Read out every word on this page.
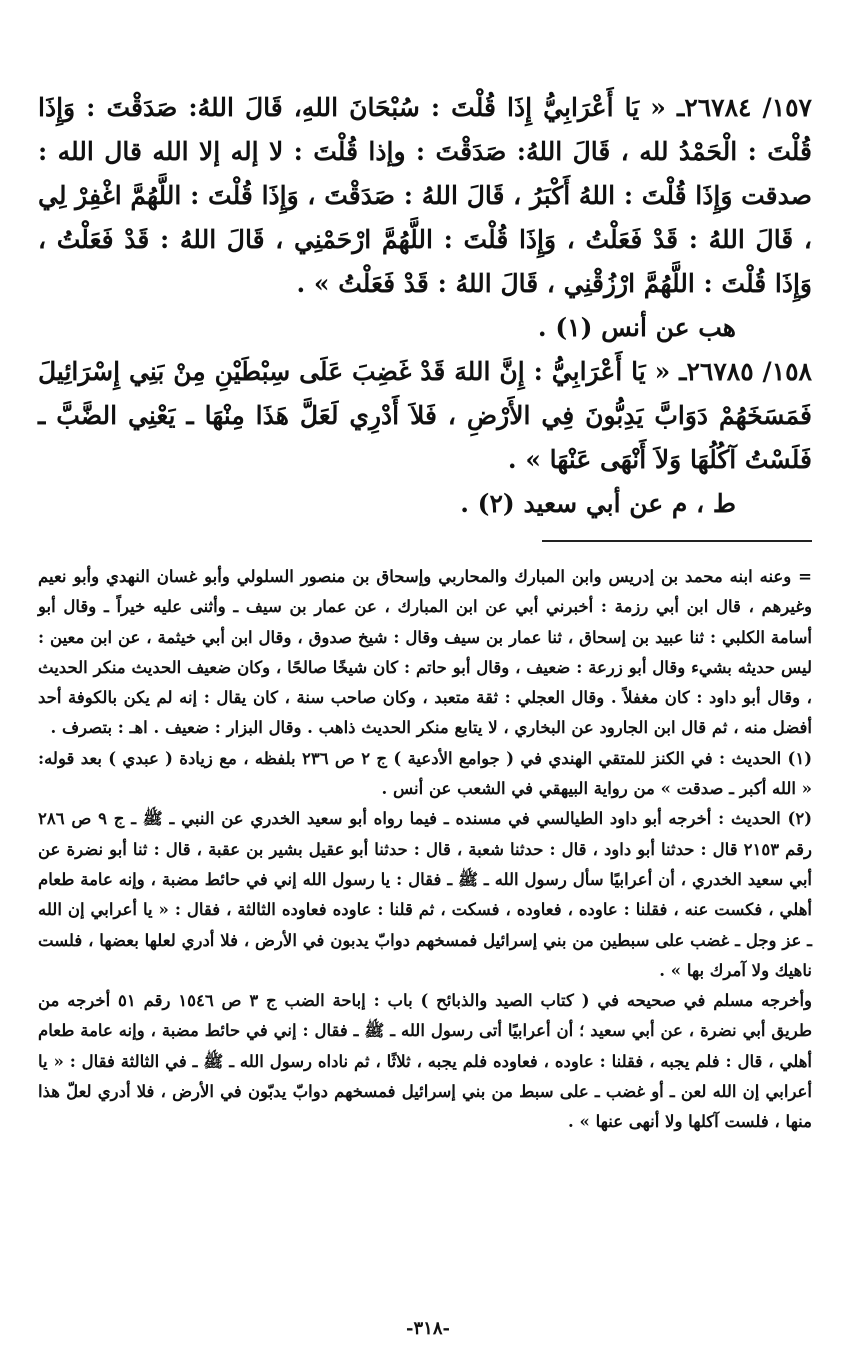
١٥٧/ ٢٦٧٨٤ـ « يَا أَعْرَابِيُّ إِذَا قُلْتَ : سُبْحَانَ اللهِ، قَالَ اللهُ: صَدَقْتَ : وَإِذَا قُلْتَ : الْحَمْدُ لله ، قَالَ اللهُ: صَدَقْتَ : وإذا قُلْتَ : لا إله إلا الله قال الله : صدقت وَإِذَا قُلْتَ : اللهُ أَكْبَرُ ، قَالَ اللهُ : صَدَقْتَ ، وَإِذَا قُلْتَ : اللَّهُمَّ اغْفِرْ لِي ، قَالَ اللهُ : قَدْ فَعَلْتُ ، وَإِذَا قُلْتَ : اللَّهُمَّ ارْحَمْنِي ، قَالَ اللهُ : قَدْ فَعَلْتُ ، وَإِذَا قُلْتَ : اللَّهُمَّ ارْزُقْنِي ، قَالَ اللهُ : قَدْ فَعَلْتُ » .

هب عن أنس (١) .

١٥٨/ ٢٦٧٨٥ـ « يَا أَعْرَابِيُّ : إِنَّ اللهَ قَدْ غَضِبَ عَلَى سِبْطَيْنِ مِنْ بَنِي إِسْرَائِيلَ فَمَسَخَهُمْ دَوَابَّ يَدِبُّونَ فِي الأَرْضِ ، فَلاَ أَدْرِي لَعَلَّ هَذَا مِنْهَا ـ يَعْنِي الضَّبَّ ـ فَلَسْتُ آكُلُهَا وَلاَ أَنْهَى عَنْهَا » .

ط ، م عن أبي سعيد (٢) .

= وعنه ابنه محمد بن إدريس وابن المبارك والمحاربي وإسحاق بن منصور السلولي وأبو غسان النهدي وأبو نعيم وغيرهم ، قال ابن أبي رزمة : أخبرني أبي عن ابن المبارك ، عن عمار بن سيف ـ وأثنى عليه خيراً ـ وقال أبو أسامة الكلبي : ثنا عبيد بن إسحاق ، ثنا عمار بن سيف وقال : شيخ صدوق ، وقال ابن أبي خيثمة ، عن ابن معين : ليس حديثه بشيء وقال أبو زرعة : ضعيف ، وقال أبو حاتم : كان شيخًا صالحًا ، وكان ضعيف الحديث منكر الحديث ، وقال أبو داود : كان مغفلاً . وقال العجلي : ثقة متعبد ، وكان صاحب سنة ، كان يقال : إنه لم يكن بالكوفة أحد أفضل منه ، ثم قال ابن الجارود عن البخاري ، لا يتابع منكر الحديث ذاهب . وقال البزار : ضعيف . اهـ : بتصرف .

(١) الحديث : في الكنز للمتقي الهندي في ( جوامع الأدعية ) ج ٢ ص ٢٣٦ بلفظه ، مع زيادة ( عبدي ) بعد قوله: « الله أكبر ـ صدقت » من رواية البيهقي في الشعب عن أنس .

(٢) الحديث : أخرجه أبو داود الطيالسي في مسنده ـ فيما رواه أبو سعيد الخدري عن النبي ـ ﷺ ـ ج ٩ ص ٢٨٦ رقم ٢١٥٣ قال : حدثنا أبو داود ، قال : حدثنا شعبة ، قال : حدثنا أبو عقيل بشير بن عقبة ، قال : ثنا أبو نضرة عن أبي سعيد الخدري ، أن أعرابيًا سأل رسول الله ـ ﷺ ـ فقال : يا رسول الله إني في حائط مضبة ، وإنه عامة طعام أهلي ، فكست عنه ، فقلنا : عاوده ، فعاوده ، فسكت ، ثم قلنا : عاوده فعاوده الثالثة ، فقال : « يا أعرابي إن الله ـ عز وجل ـ غضب على سبطين من بني إسرائيل فمسخهم دوابّ يدبون في الأرض ، فلا أدري لعلها بعضها ، فلست ناهيك ولا آمرك بها » .

وأخرجه مسلم في صحيحه في ( كتاب الصيد والذبائح ) باب : إباحة الضب ج ٣ ص ١٥٤٦ رقم ٥١ أخرجه من طريق أبي نضرة ، عن أبي سعيد ؛ أن أعرابيًا أتى رسول الله ـ ﷺ ـ فقال : إني في حائط مضبة ، وإنه عامة طعام أهلي ، قال : فلم يجبه ، فقلنا : عاوده ، فعاوده فلم يجبه ، ثلاثًا ، ثم ناداه رسول الله ـ ﷺ ـ في الثالثة فقال : « يا أعرابي إن الله لعن ـ أو غضب ـ على سبط من بني إسرائيل فمسخهم دوابّ يدبّون في الأرض ، فلا أدري لعلّ هذا منها ، فلست آكلها ولا أنهى عنها » .

-٣١٨-
